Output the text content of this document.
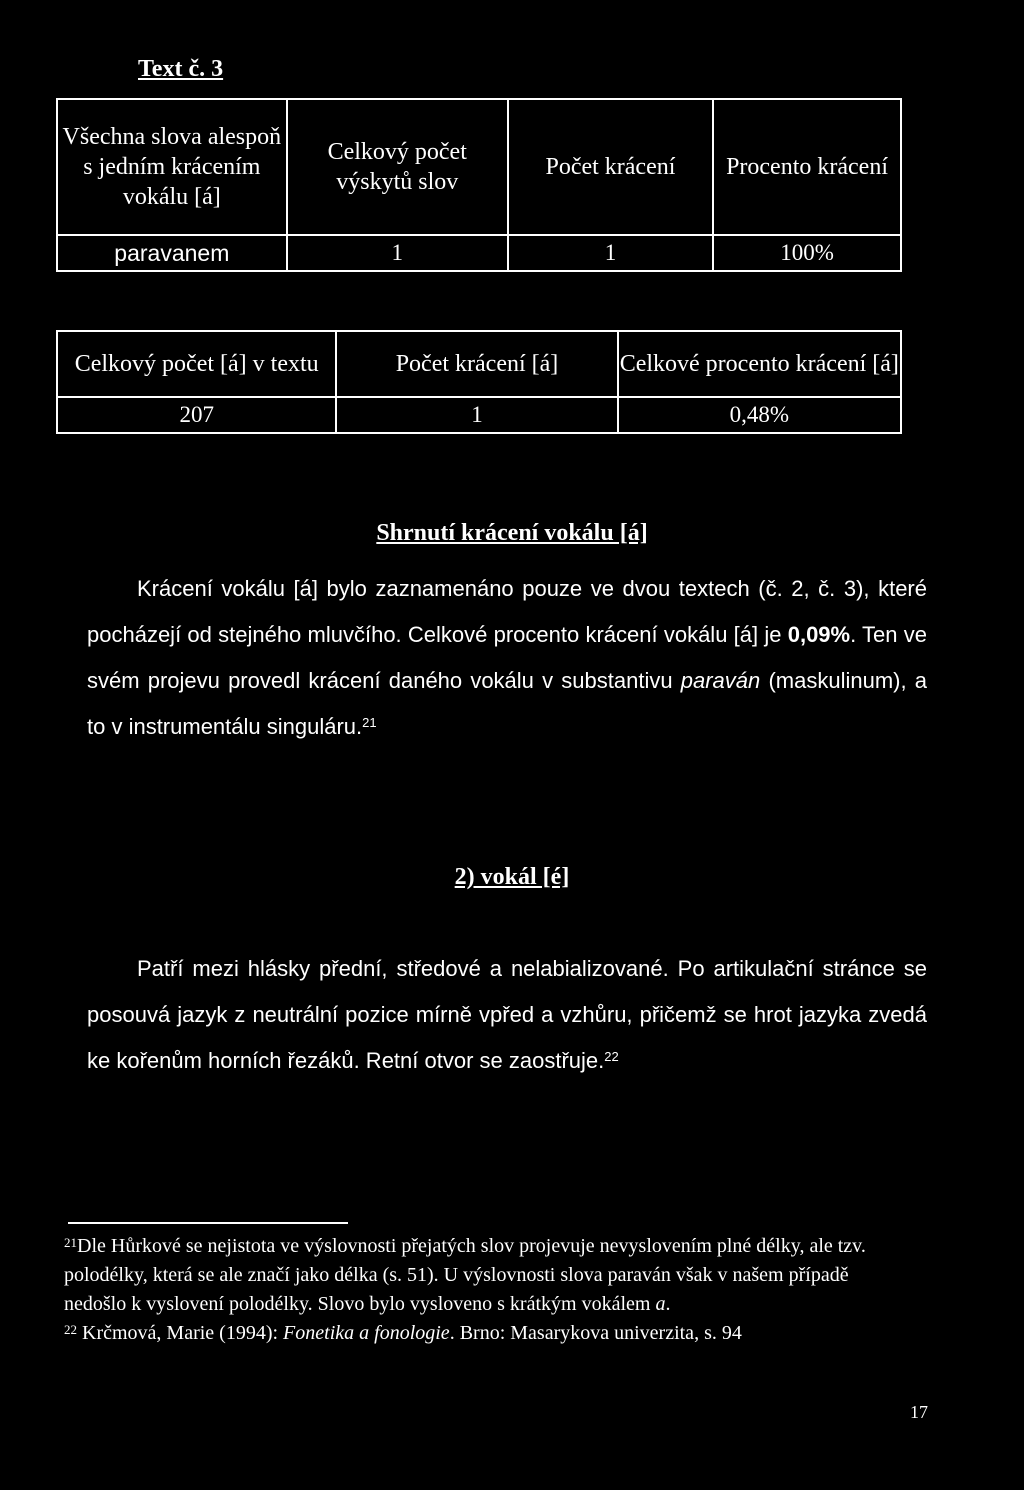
Text č. 3
Všechna slova alespoň s jedním krácením vokálu [á]	Celkový počet výskytů slov	Počet krácení	Procento krácení
paravanem	1	1	100%
Celkový počet [á] v textu	Počet krácení [á]	Celkové procento krácení [á]
207	1	0,48%
Shrnutí krácení vokálu [á]

Krácení vokálu [á] bylo zaznamenáno pouze ve dvou textech (č. 2, č. 3), které pocházejí od stejného mluvčího. Celkové procento krácení vokálu [á] je 0,09%. Ten ve svém projevu provedl krácení daného vokálu v substantivu paraván (maskulinum), a to v instrumentálu singuláru.$^{21}$

2) vokál [é]

Patří mezi hlásky přední, středové a nelabializované. Po artikulační stránce se posouvá jazyk z neutrální pozice mírně vpřed a vzhůru, přičemž se hrot jazyka zvedá ke kořenům horních řezáků. Retní otvor se zaostřuje.$^{22}$

$^{21}$Dle Hůrkové se nejistota ve výslovnosti přejatých slov projevuje nevyslovením plné délky, ale tzv. polodélky, která se ale značí jako délka (s. 51). U výslovnosti slova paraván však v našem případě nedošlo k vyslovení polodélky. Slovo bylo vysloveno s krátkým vokálem a.

$^{22}$ Krčmová, Marie (1994): Fonetika a fonologie. Brno: Masarykova univerzita, s. 94

17
